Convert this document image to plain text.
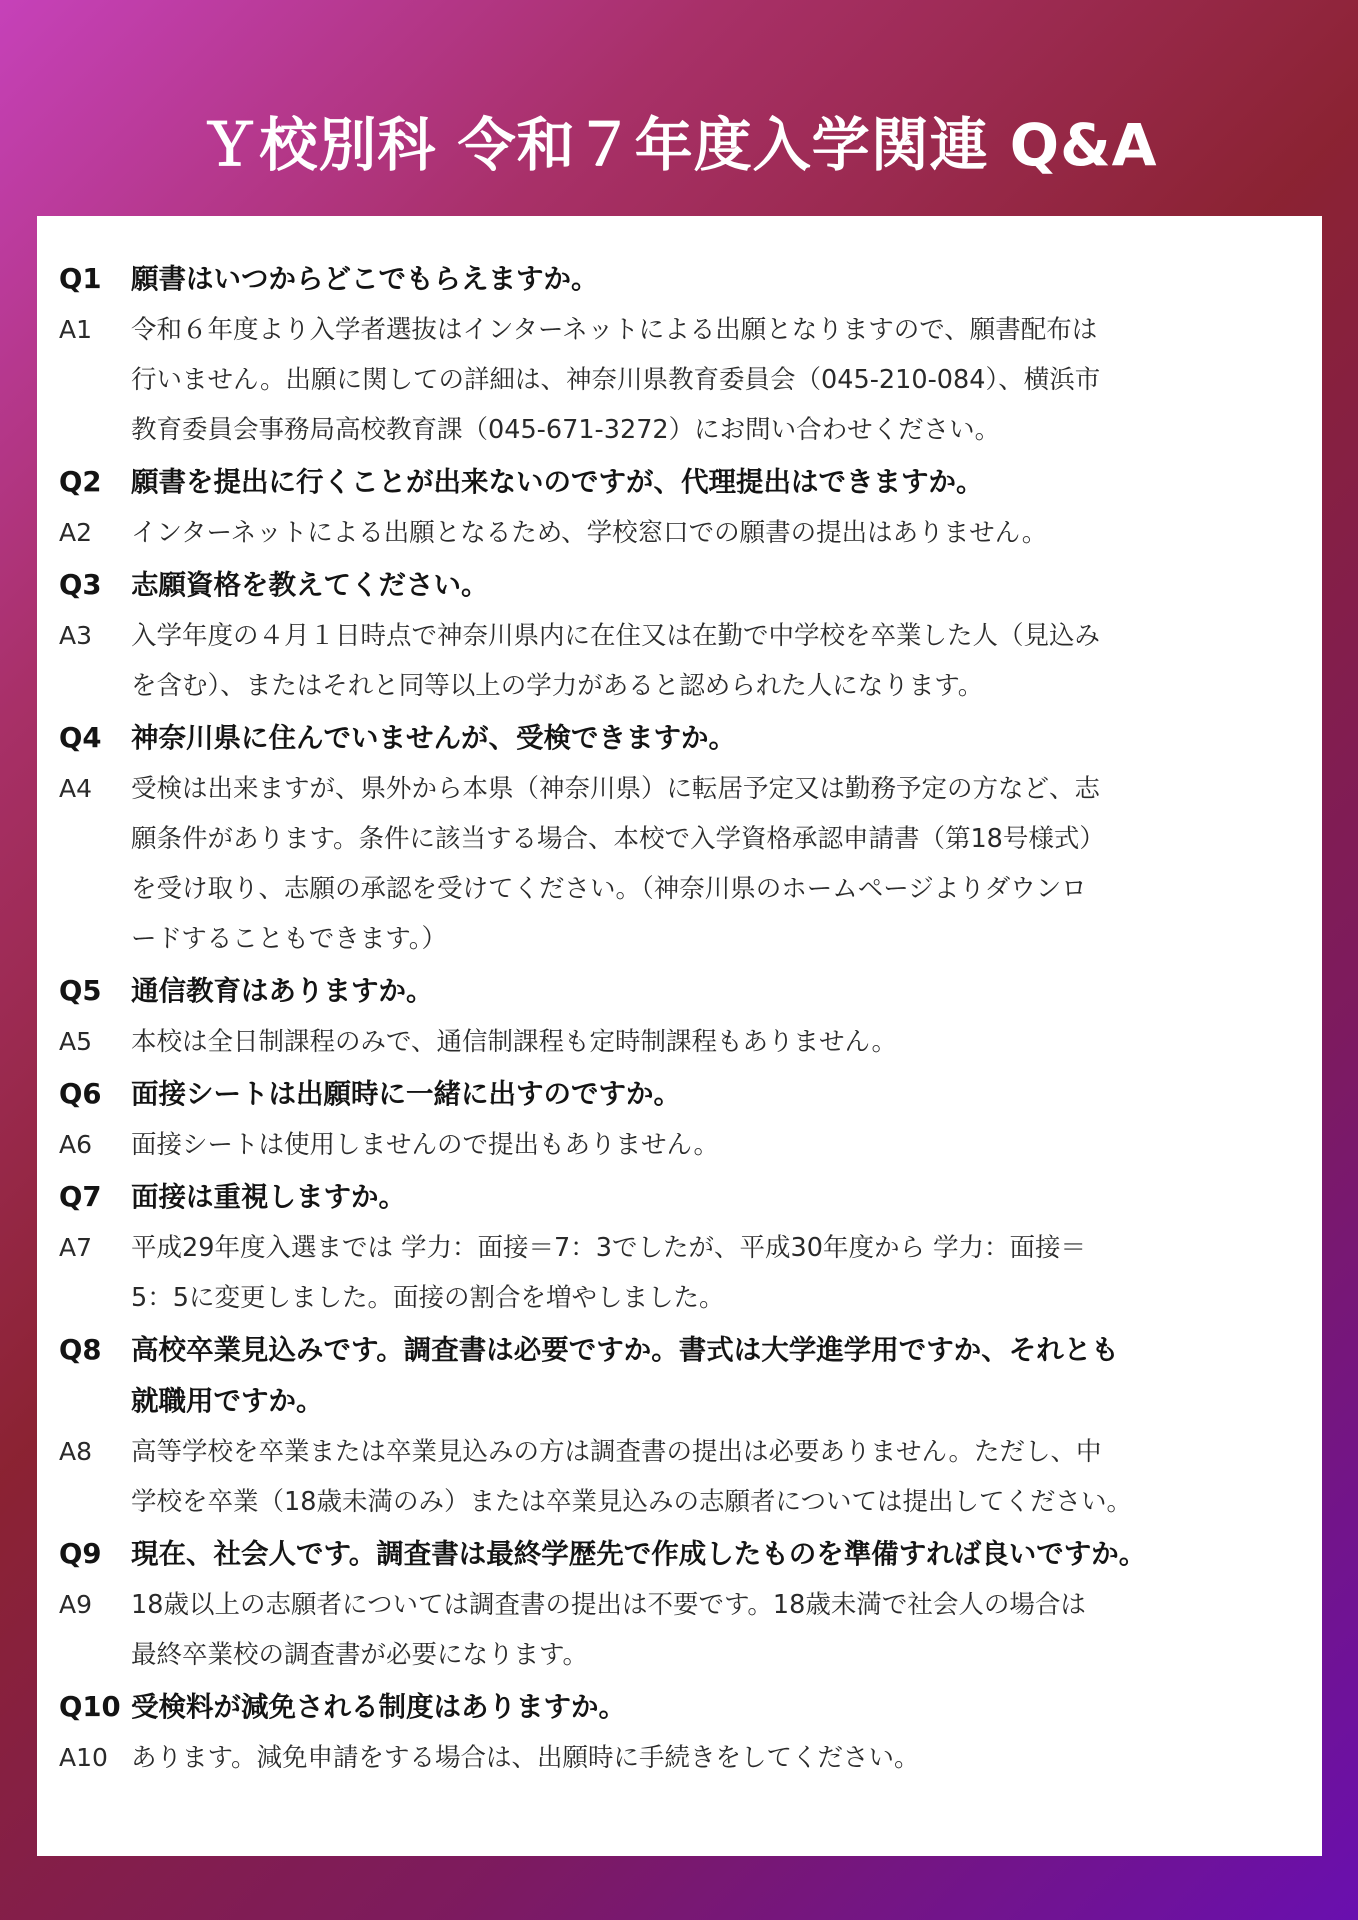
Ｙ校別科 令和７年度入学関連 Q&A
Q1	願書はいつからどこでもらえますか。
A1	令和６年度より入学者選抜はインターネットによる出願となりますので、願書配布は
行いません。出願に関しての詳細は、神奈川県教育委員会（045-210-084）、横浜市
教育委員会事務局高校教育課（045-671-3272）にお問い合わせください。
Q2	願書を提出に行くことが出来ないのですが、代理提出はできますか。
A2	インターネットによる出願となるため、学校窓口での願書の提出はありません。
Q3	志願資格を教えてください。
A3	入学年度の４月１日時点で神奈川県内に在住又は在勤で中学校を卒業した人（見込み
を含む）、またはそれと同等以上の学力があると認められた人になります。
Q4	神奈川県に住んでいませんが、受検できますか。
A4	受検は出来ますが、県外から本県（神奈川県）に転居予定又は勤務予定の方など、志
願条件があります。条件に該当する場合、本校で入学資格承認申請書（第18号様式）
を受け取り、志願の承認を受けてください。（神奈川県のホームページよりダウンロ
ードすることもできます。）
Q5	通信教育はありますか。
A5	本校は全日制課程のみで、通信制課程も定時制課程もありません。
Q6	面接シートは出願時に一緒に出すのですか。
A6	面接シートは使用しませんので提出もありません。
Q7	面接は重視しますか。
A7	平成29年度入選までは 学力：面接＝7：3でしたが、平成30年度から 学力：面接＝
5：5に変更しました。面接の割合を増やしました。
Q8	高校卒業見込みです。調査書は必要ですか。書式は大学進学用ですか、それとも
就職用ですか。
A8	高等学校を卒業または卒業見込みの方は調査書の提出は必要ありません。ただし、中
学校を卒業（18歳未満のみ）または卒業見込みの志願者については提出してください。
Q9	現在、社会人です。調査書は最終学歴先で作成したものを準備すれば良いですか。
A9	18歳以上の志願者については調査書の提出は不要です。18歳未満で社会人の場合は
最終卒業校の調査書が必要になります。
Q10 受検料が減免される制度はありますか。
A10 あります。減免申請をする場合は、出願時に手続きをしてください。
